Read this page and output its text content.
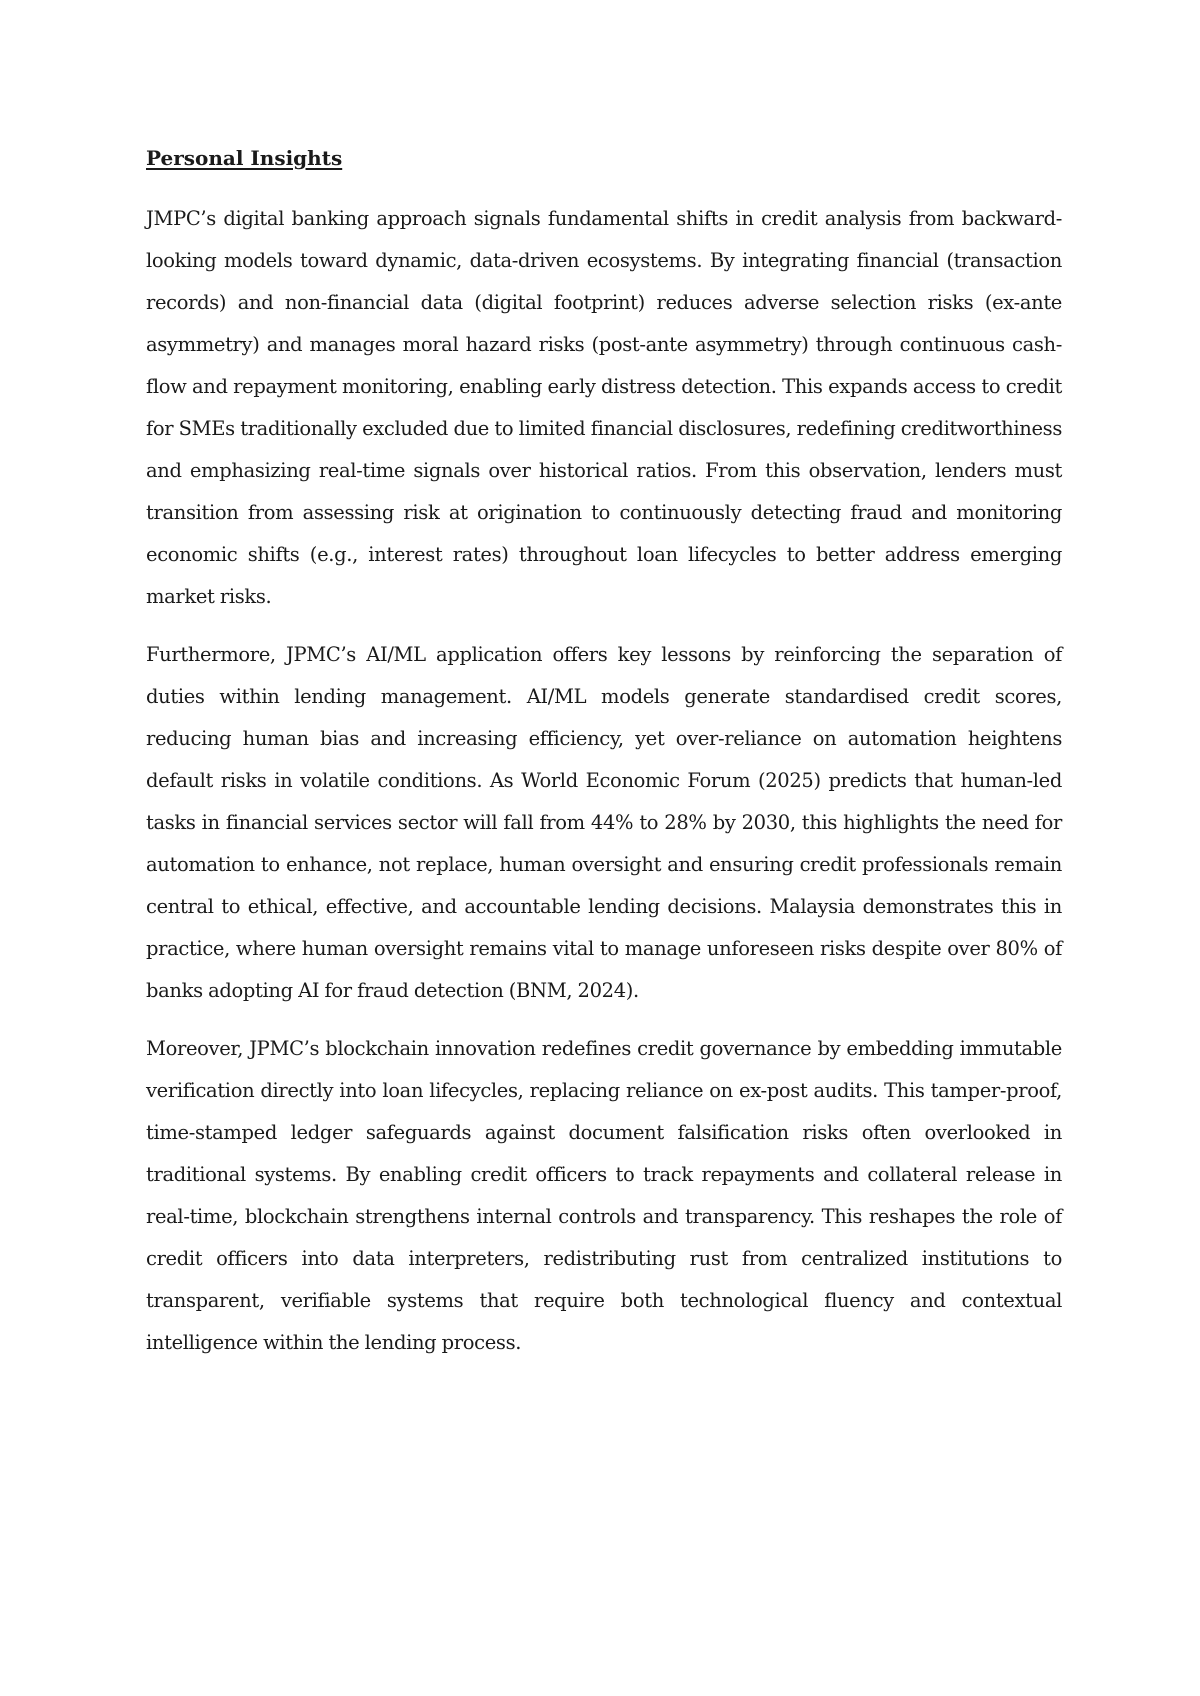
Personal Insights

JMPC’s digital banking approach signals fundamental shifts in credit analysis from backward-looking models toward dynamic, data-driven ecosystems. By integrating financial (transaction records) and non-financial data (digital footprint) reduces adverse selection risks (ex-ante asymmetry) and manages moral hazard risks (post-ante asymmetry) through continuous cash-flow and repayment monitoring, enabling early distress detection. This expands access to credit for SMEs traditionally excluded due to limited financial disclosures, redefining creditworthiness and emphasizing real-time signals over historical ratios. From this observation, lenders must transition from assessing risk at origination to continuously detecting fraud and monitoring economic shifts (e.g., interest rates) throughout loan lifecycles to better address emerging market risks.

Furthermore, JPMC’s AI/ML application offers key lessons by reinforcing the separation of duties within lending management. AI/ML models generate standardised credit scores, reducing human bias and increasing efficiency, yet over-reliance on automation heightens default risks in volatile conditions. As World Economic Forum (2025) predicts that human-led tasks in financial services sector will fall from 44% to 28% by 2030, this highlights the need for automation to enhance, not replace, human oversight and ensuring credit professionals remain central to ethical, effective, and accountable lending decisions. Malaysia demonstrates this in practice, where human oversight remains vital to manage unforeseen risks despite over 80% of banks adopting AI for fraud detection (BNM, 2024).

Moreover, JPMC’s blockchain innovation redefines credit governance by embedding immutable verification directly into loan lifecycles, replacing reliance on ex-post audits. This tamper-proof, time-stamped ledger safeguards against document falsification risks often overlooked in traditional systems. By enabling credit officers to track repayments and collateral release in real-time, blockchain strengthens internal controls and transparency. This reshapes the role of credit officers into data interpreters, redistributing rust from centralized institutions to transparent, verifiable systems that require both technological fluency and contextual intelligence within the lending process.
